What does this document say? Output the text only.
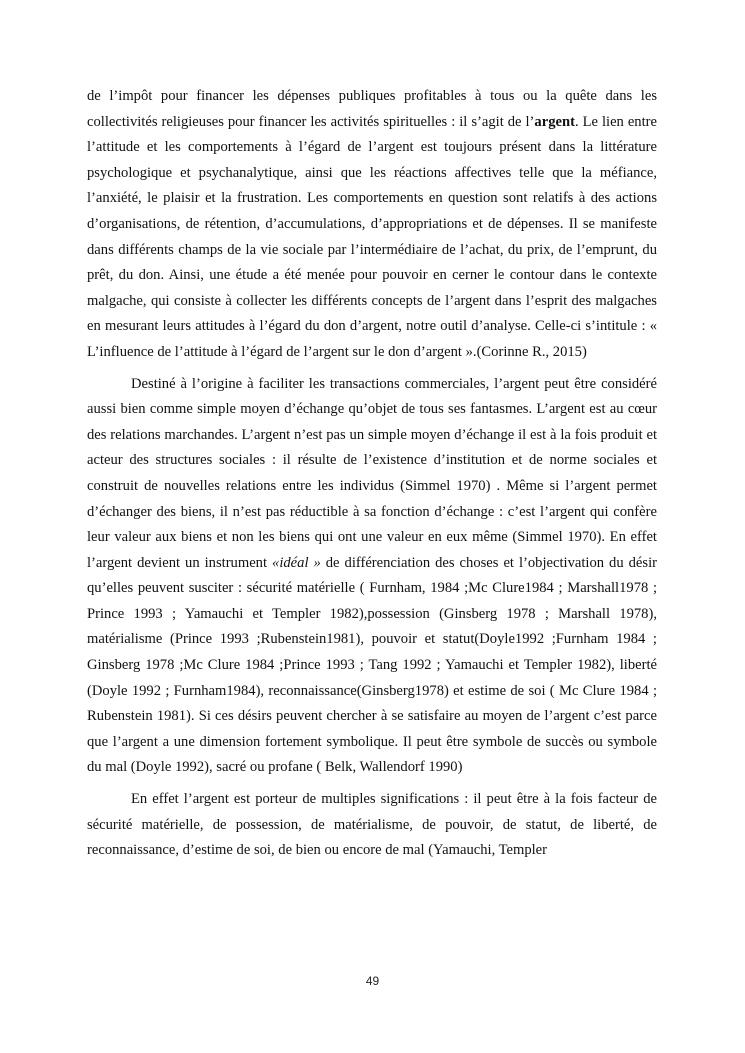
de l’impôt pour financer les dépenses publiques profitables à tous ou la quête dans les collectivités religieuses pour financer les activités spirituelles : il s’agit de l’argent. Le lien entre l’attitude et les comportements à l’égard de l’argent est toujours présent dans la littérature psychologique et psychanalytique, ainsi que les réactions affectives telle que la méfiance, l’anxiété, le plaisir et la frustration. Les comportements en question sont relatifs à des actions d’organisations, de rétention, d’accumulations, d’appropriations et de dépenses. Il se manifeste dans différents champs de la vie sociale par l’intermédiaire de l’achat, du prix, de l’emprunt, du prêt, du don. Ainsi, une étude a été menée pour pouvoir en cerner le contour dans le contexte malgache, qui consiste à collecter les différents concepts de l’argent dans l’esprit des malgaches en mesurant leurs attitudes à l’égard du don d’argent, notre outil d’analyse. Celle-ci s’intitule : « L’influence de l’attitude à l’égard de l’argent sur le don d’argent ».(Corinne R., 2015)

Destiné à l’origine à faciliter les transactions commerciales, l’argent peut être considéré aussi bien comme simple moyen d’échange qu’objet de tous ses fantasmes. L’argent est au cœur des relations marchandes. L’argent n’est pas un simple moyen d’échange il est à la fois produit et acteur des structures sociales : il résulte de l’existence d’institution et de norme sociales et construit de nouvelles relations entre les individus (Simmel 1970) . Même si l’argent permet d’échanger des biens, il n’est pas réductible à sa fonction d’échange : c’est l’argent qui confère leur valeur aux biens et non les biens qui ont une valeur en eux même (Simmel 1970). En effet l’argent devient un instrument «idéal » de différenciation des choses et l’objectivation du désir qu’elles peuvent susciter : sécurité matérielle ( Furnham, 1984 ;Mc Clure1984 ; Marshall1978 ; Prince 1993 ; Yamauchi et Templer 1982),possession (Ginsberg 1978 ; Marshall 1978), matérialisme (Prince 1993 ;Rubenstein1981), pouvoir et statut(Doyle1992 ;Furnham 1984 ; Ginsberg 1978 ;Mc Clure 1984 ;Prince 1993 ; Tang 1992 ; Yamauchi et Templer 1982), liberté (Doyle 1992 ; Furnham1984), reconnaissance(Ginsberg1978) et estime de soi ( Mc Clure 1984 ; Rubenstein 1981). Si ces désirs peuvent chercher à se satisfaire au moyen de l’argent c’est parce que l’argent a une dimension fortement symbolique. Il peut être symbole de succès ou symbole du mal (Doyle 1992), sacré ou profane ( Belk, Wallendorf 1990)

En effet l’argent est porteur de multiples significations : il peut être à la fois facteur de sécurité matérielle, de possession, de matérialisme, de pouvoir, de statut, de liberté, de reconnaissance, d’estime de soi, de bien ou encore de mal (Yamauchi, Templer

49
